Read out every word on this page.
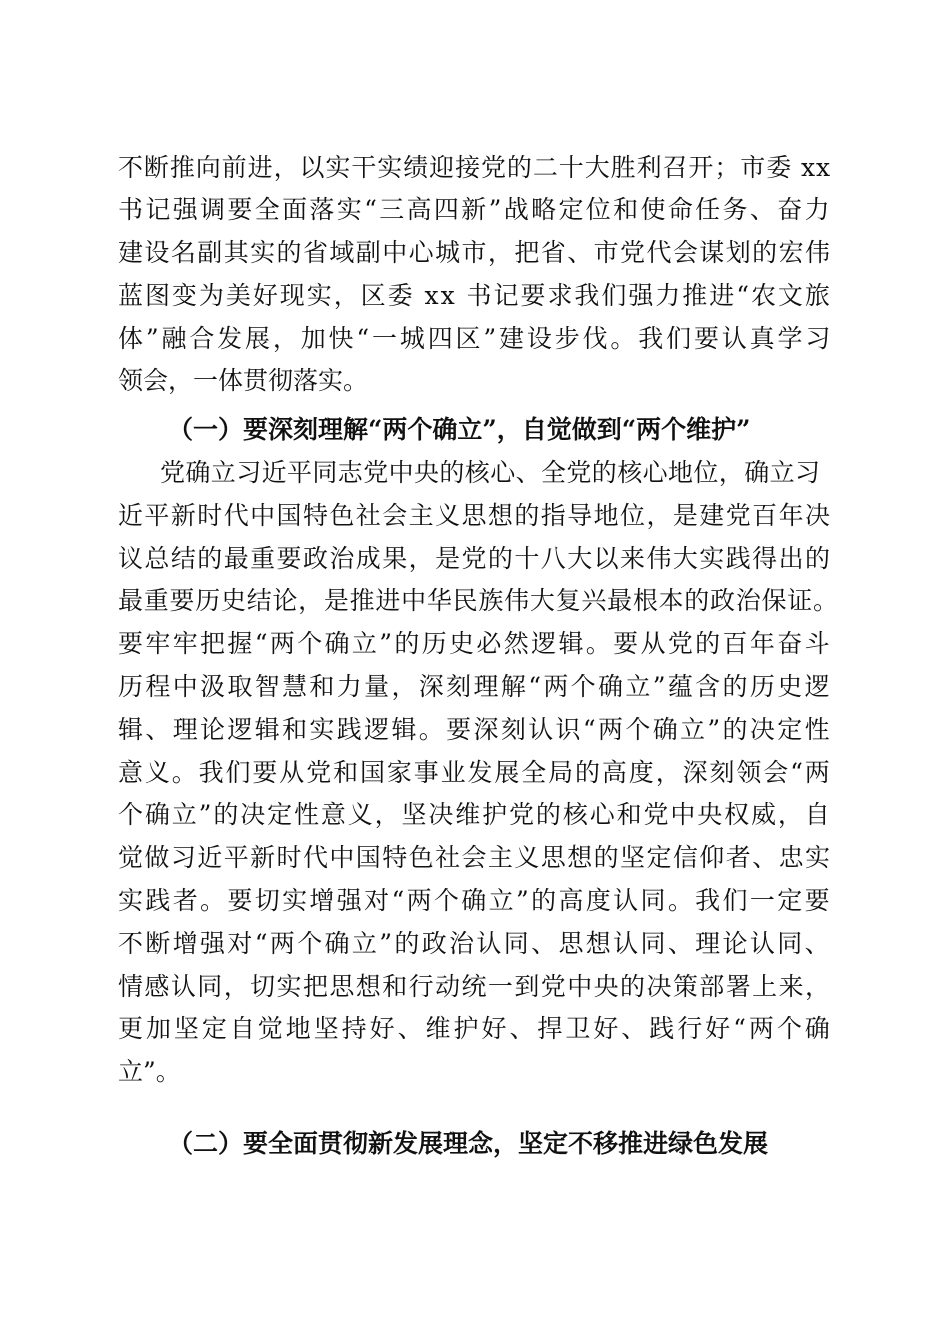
不断推向前进，以实干实绩迎接党的二十大胜利召开；市委 xx
书记强调要全面落实“三高四新”战略定位和使命任务、奋力
建设名副其实的省域副中心城市，把省、市党代会谋划的宏伟
蓝图变为美好现实，区委 xx 书记要求我们强力推进“农文旅
体”融合发展，加快“一城四区”建设步伐。我们要认真学习
领会，一体贯彻落实。
（一）要深刻理解“两个确立”，自觉做到“两个维护”
党确立习近平同志党中央的核心、全党的核心地位，确立习
近平新时代中国特色社会主义思想的指导地位，是建党百年决
议总结的最重要政治成果，是党的十八大以来伟大实践得出的
最重要历史结论，是推进中华民族伟大复兴最根本的政治保证。
要牢牢把握“两个确立”的历史必然逻辑。要从党的百年奋斗
历程中汲取智慧和力量，深刻理解“两个确立”蕴含的历史逻
辑、理论逻辑和实践逻辑。要深刻认识“两个确立”的决定性
意义。我们要从党和国家事业发展全局的高度，深刻领会“两
个确立”的决定性意义，坚决维护党的核心和党中央权威，自
觉做习近平新时代中国特色社会主义思想的坚定信仰者、忠实
实践者。要切实增强对“两个确立”的高度认同。我们一定要
不断增强对“两个确立”的政治认同、思想认同、理论认同、
情感认同，切实把思想和行动统一到党中央的决策部署上来，
更加坚定自觉地坚持好、维护好、捍卫好、践行好“两个确
立”。
（二）要全面贯彻新发展理念，坚定不移推进绿色发展
